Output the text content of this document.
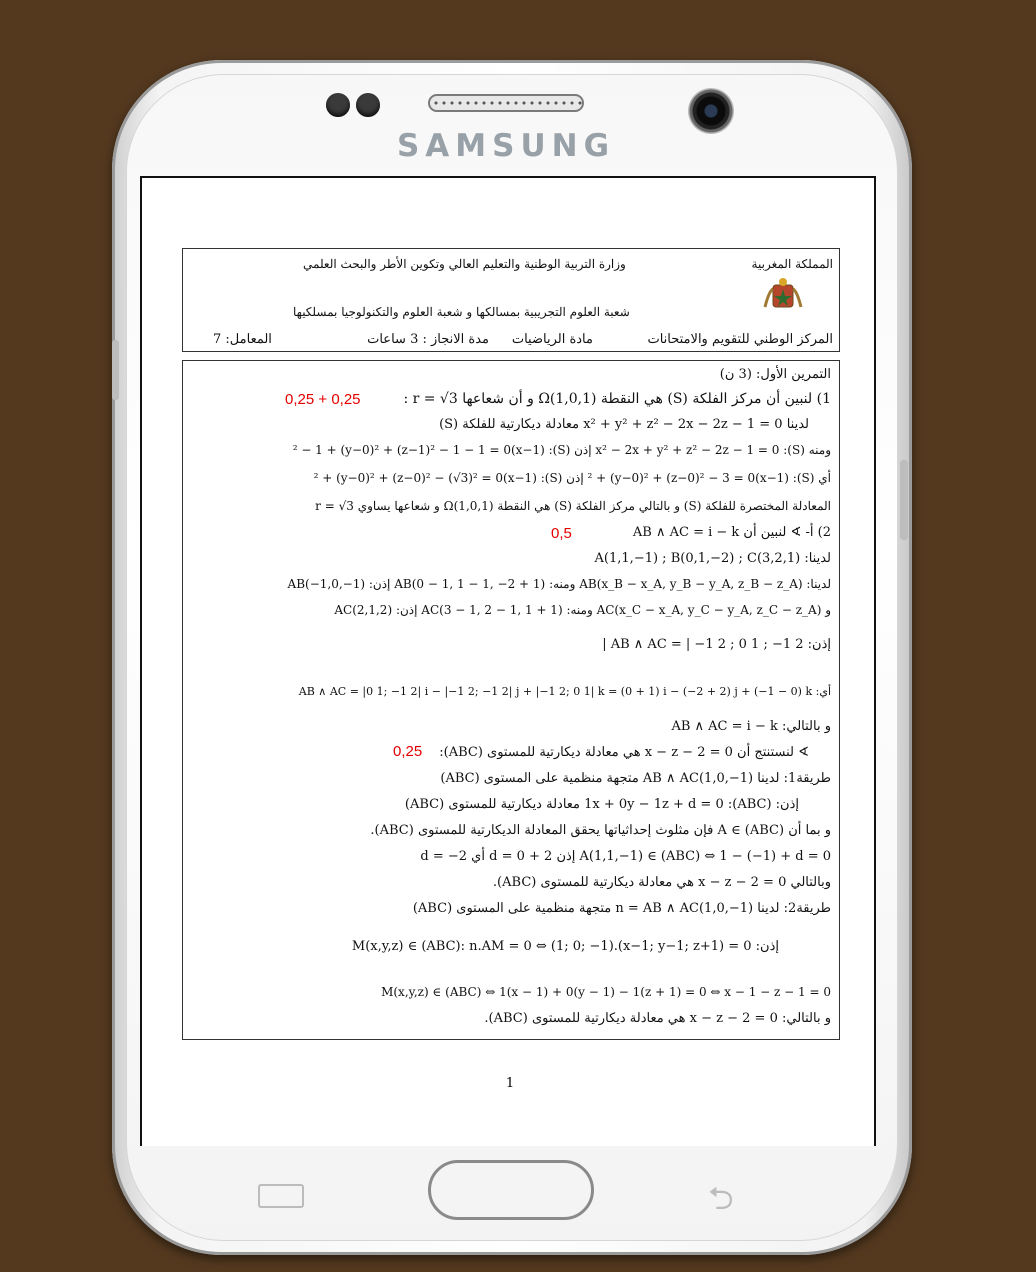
SAMSUNG
المملكة المغربية
وزارة التربية الوطنية والتعليم العالي وتكوين الأطر والبحث العلمي
شعبة العلوم التجريبية بمسالكها و شعبة العلوم والتكنولوجيا بمسلكيها
المركز الوطني للتقويم والامتحانات
مادة الرياضيات
مدة الانجاز : 3 ساعات
المعامل: 7
التمرين الأول: (3 ن)
1) لنبين أن مركز الفلكة (S) هي النقطة Ω(1,0,1) و أن شعاعها r = √3 :
0,25 + 0,25
لدينا x² + y² + z² − 2x − 2z − 1 = 0 معادلة ديكارتية للفلكة (S)
ومنه (S): x² − 2x + y² + z² − 2z − 1 = 0 إذن (S): (x−1)² − 1 + (y−0)² + (z−1)² − 1 − 1 = 0
أي (S): (x−1)² + (y−0)² + (z−0)² − 3 = 0 إذن (S): (x−1)² + (y−0)² + (z−0)² − (√3)² = 0
المعادلة المختصرة للفلكة (S) و بالتالي مركز الفلكة (S) هي النقطة Ω(1,0,1) و شعاعها يساوي r = √3
2) أ- ∢ لنبين أن AB ∧ AC = i − k
0,5
لدينا: A(1,1,−1) ; B(0,1,−2) ; C(3,2,1)
لدينا: AB(x_B − x_A, y_B − y_A, z_B − z_A) ومنه: AB(0 − 1, 1 − 1, −2 + 1) إذن: AB(−1,0,−1)
و AC(x_C − x_A, y_C − y_A, z_C − z_A) ومنه: AC(3 − 1, 2 − 1, 1 + 1) إذن: AC(2,1,2)
إذن: AB ∧ AC = | −1 2 ; 0 1 ; −1 2 |
أي: AB ∧ AC = |0 1; −1 2| i − |−1 2; −1 2| j + |−1 2; 0 1| k = (0 + 1) i − (−2 + 2) j + (−1 − 0) k
و بالتالي: AB ∧ AC = i − k
∢ لنستنتج أن x − z − 2 = 0 هي معادلة ديكارتية للمستوى (ABC):
0,25
طريقة1: لدينا AB ∧ AC(1,0,−1) متجهة منظمية على المستوى (ABC)
إذن: (ABC): 1x + 0y − 1z + d = 0 معادلة ديكارتية للمستوى (ABC)
و بما أن A ∈ (ABC) فإن مثلوث إحداثياتها يحقق المعادلة الديكارتية للمستوى (ABC).
A(1,1,−1) ∈ (ABC) ⇔ 1 − (−1) + d = 0 إذن 2 + d = 0 أي d = −2
وبالتالي x − z − 2 = 0 هي معادلة ديكارتية للمستوى (ABC).
طريقة2: لدينا n = AB ∧ AC(1,0,−1) متجهة منظمية على المستوى (ABC)
إذن: M(x,y,z) ∈ (ABC): n.AM = 0 ⇔ (1; 0; −1).(x−1; y−1; z+1) = 0
M(x,y,z) ∈ (ABC) ⇔ 1(x − 1) + 0(y − 1) − 1(z + 1) = 0 ⇔ x − 1 − z − 1 = 0
و بالتالي: x − z − 2 = 0 هي معادلة ديكارتية للمستوى (ABC).
1
⮌
